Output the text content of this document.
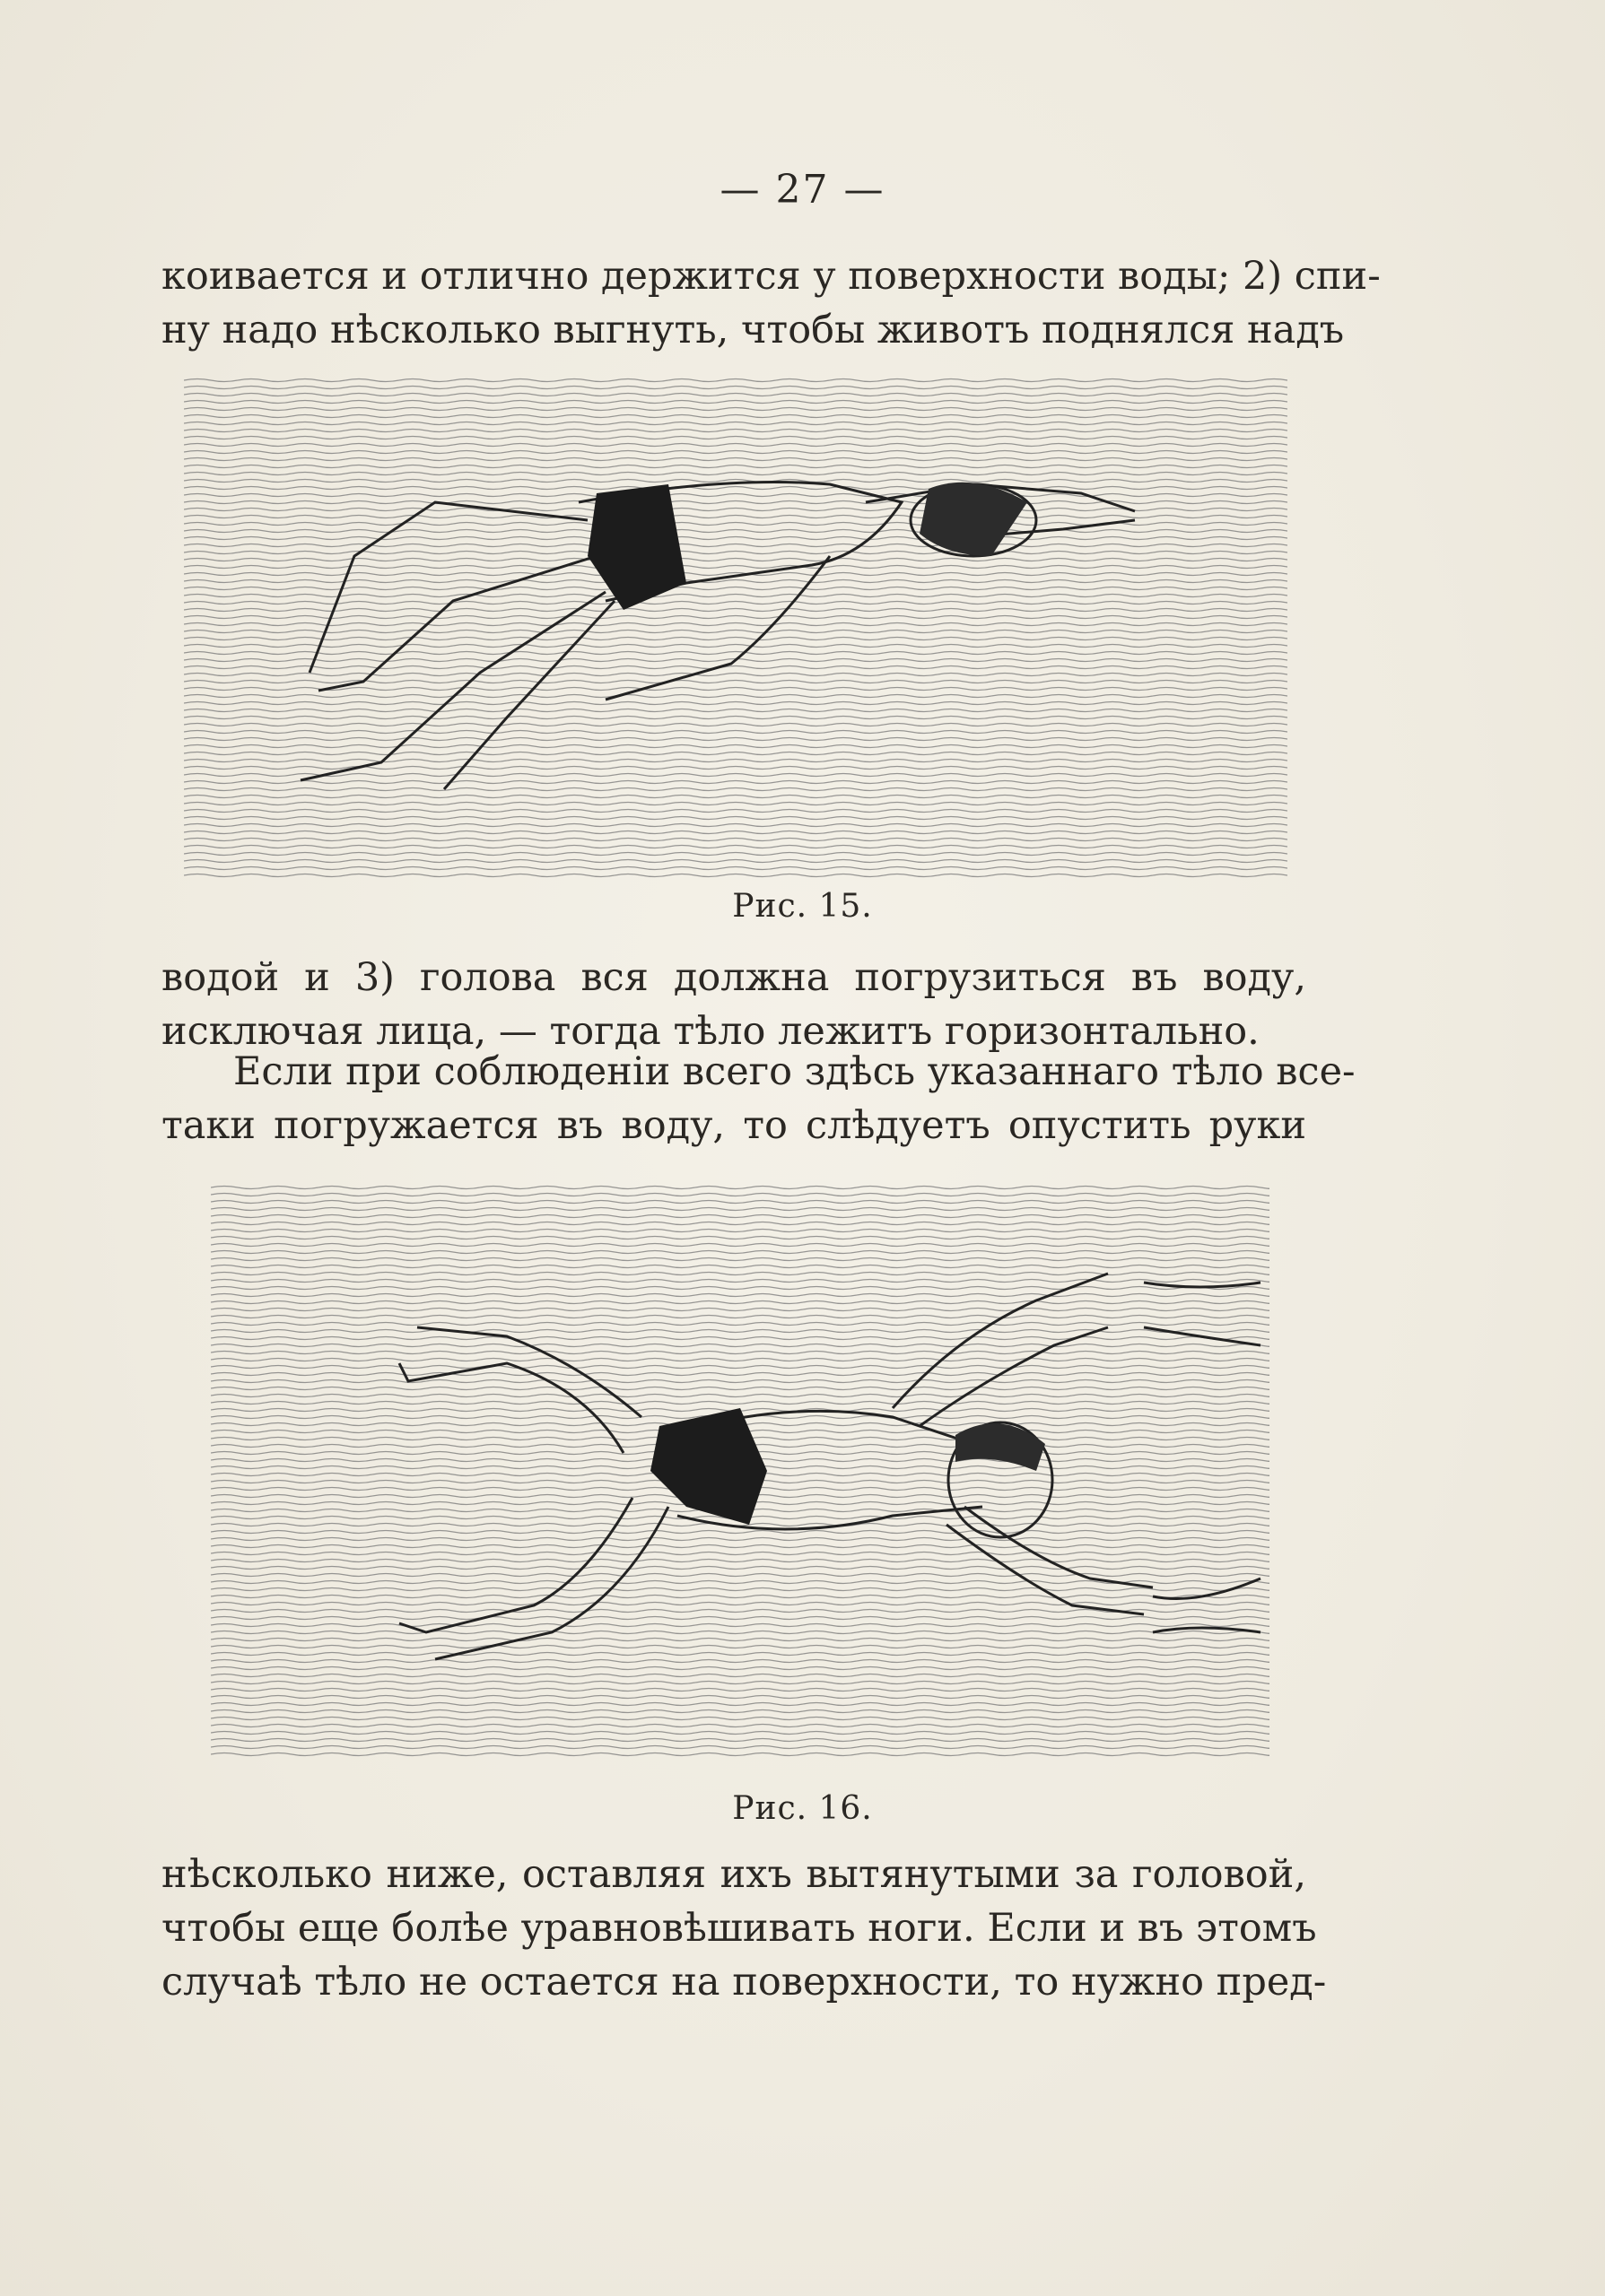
— 27 —
коивается и отлично держится у поверхности воды; 2) спи-
ну надо нѣсколько выгнуть, чтобы животъ поднялся надъ
Рис. 15.
водой и 3) голова вся должна погрузиться въ воду,
исключая лица, — тогда тѣло лежитъ горизонтально.
Если при соблюденіи всего здѣсь указаннаго тѣло все-
таки погружается въ воду, то слѣдуетъ опустить руки
Рис. 16.
нѣсколько ниже, оставляя ихъ вытянутыми за головой,
чтобы еще болѣе уравновѣшивать ноги. Если и въ этомъ
случаѣ тѣло не остается на поверхности, то нужно пред-
